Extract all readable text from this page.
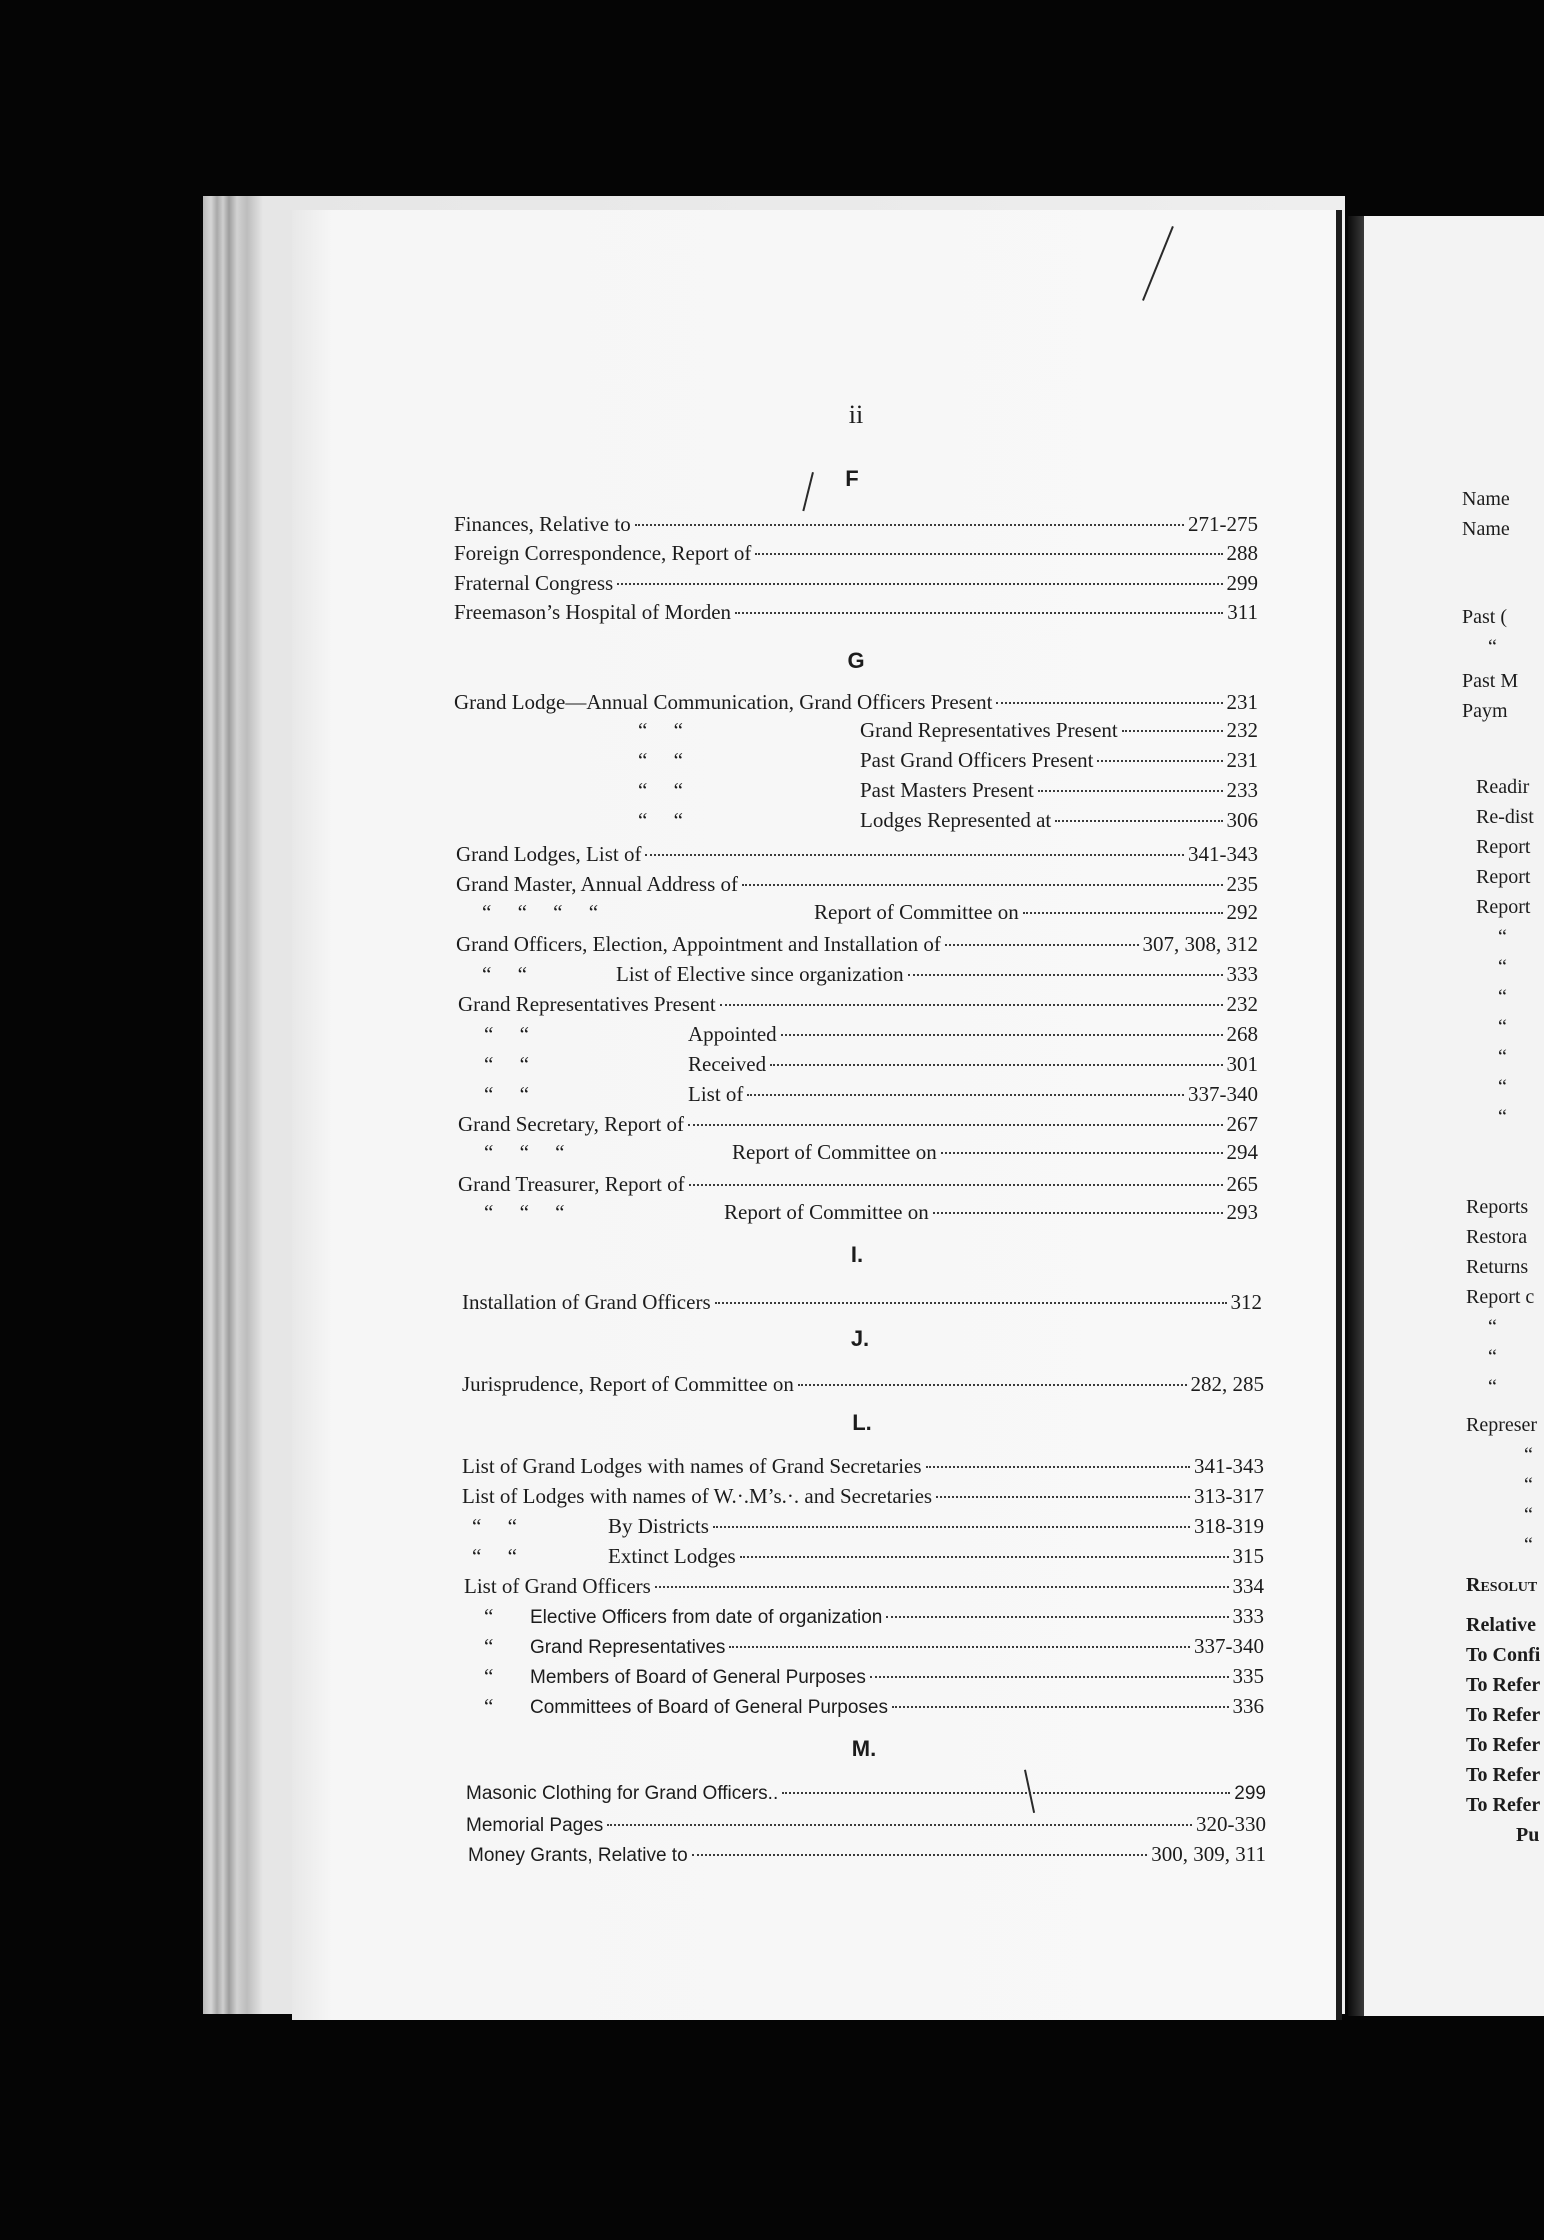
ii
F
Finances, Relative to	271-275
Foreign Correspondence, Report of	288
Fraternal Congress	299
Freemason’s Hospital of Morden	311
G
Grand Lodge—Annual Communication, Grand Officers Present	231
“     “	Grand Representatives Present	232
“     “	Past Grand Officers Present	231
“     “	Past Masters Present	233
“     “	Lodges Represented at	306
Grand Lodges, List of	341-343
Grand Master, Annual Address of	235
“     “     “     “	Report of Committee on	292
Grand Officers, Election, Appointment and Installation of	307, 308, 312
“     “	List of Elective since organization	333
Grand Representatives Present	232
“     “	Appointed	268
“     “	Received	301
“     “	List of	337-340
Grand Secretary, Report of	267
“     “     “	Report of Committee on	294
Grand Treasurer, Report of	265
“     “     “	Report of Committee on	293
I.
Installation of Grand Officers	312
J.
Jurisprudence, Report of Committee on	282, 285
L.
List of Grand Lodges with names of Grand Secretaries	341-343
List of Lodges with names of W.·.M’s.·. and Secretaries	313-317
“     “	By Districts	318-319
“     “	Extinct Lodges	315
List of Grand Officers	334
“	Elective Officers from date of organization	333
“	Grand Representatives	337-340
“	Members of Board of General Purposes	335
“	Committees of Board of General Purposes	336
M.
Masonic Clothing for Grand Officers..	299
Memorial Pages	320-330
Money Grants, Relative to	300, 309, 311
Name
Name
Past (
“
Past M
Paym
Readir
Re-dist
Report
Report
Report
“
“
“
“
“
“
“
Reports
Restora
Returns
Report c
“
“
“
Represer
“
“
“
“
Resolut
Relative
To Confi
To Refer
To Refer
To Refer
To Refer
To Refer
Pu
